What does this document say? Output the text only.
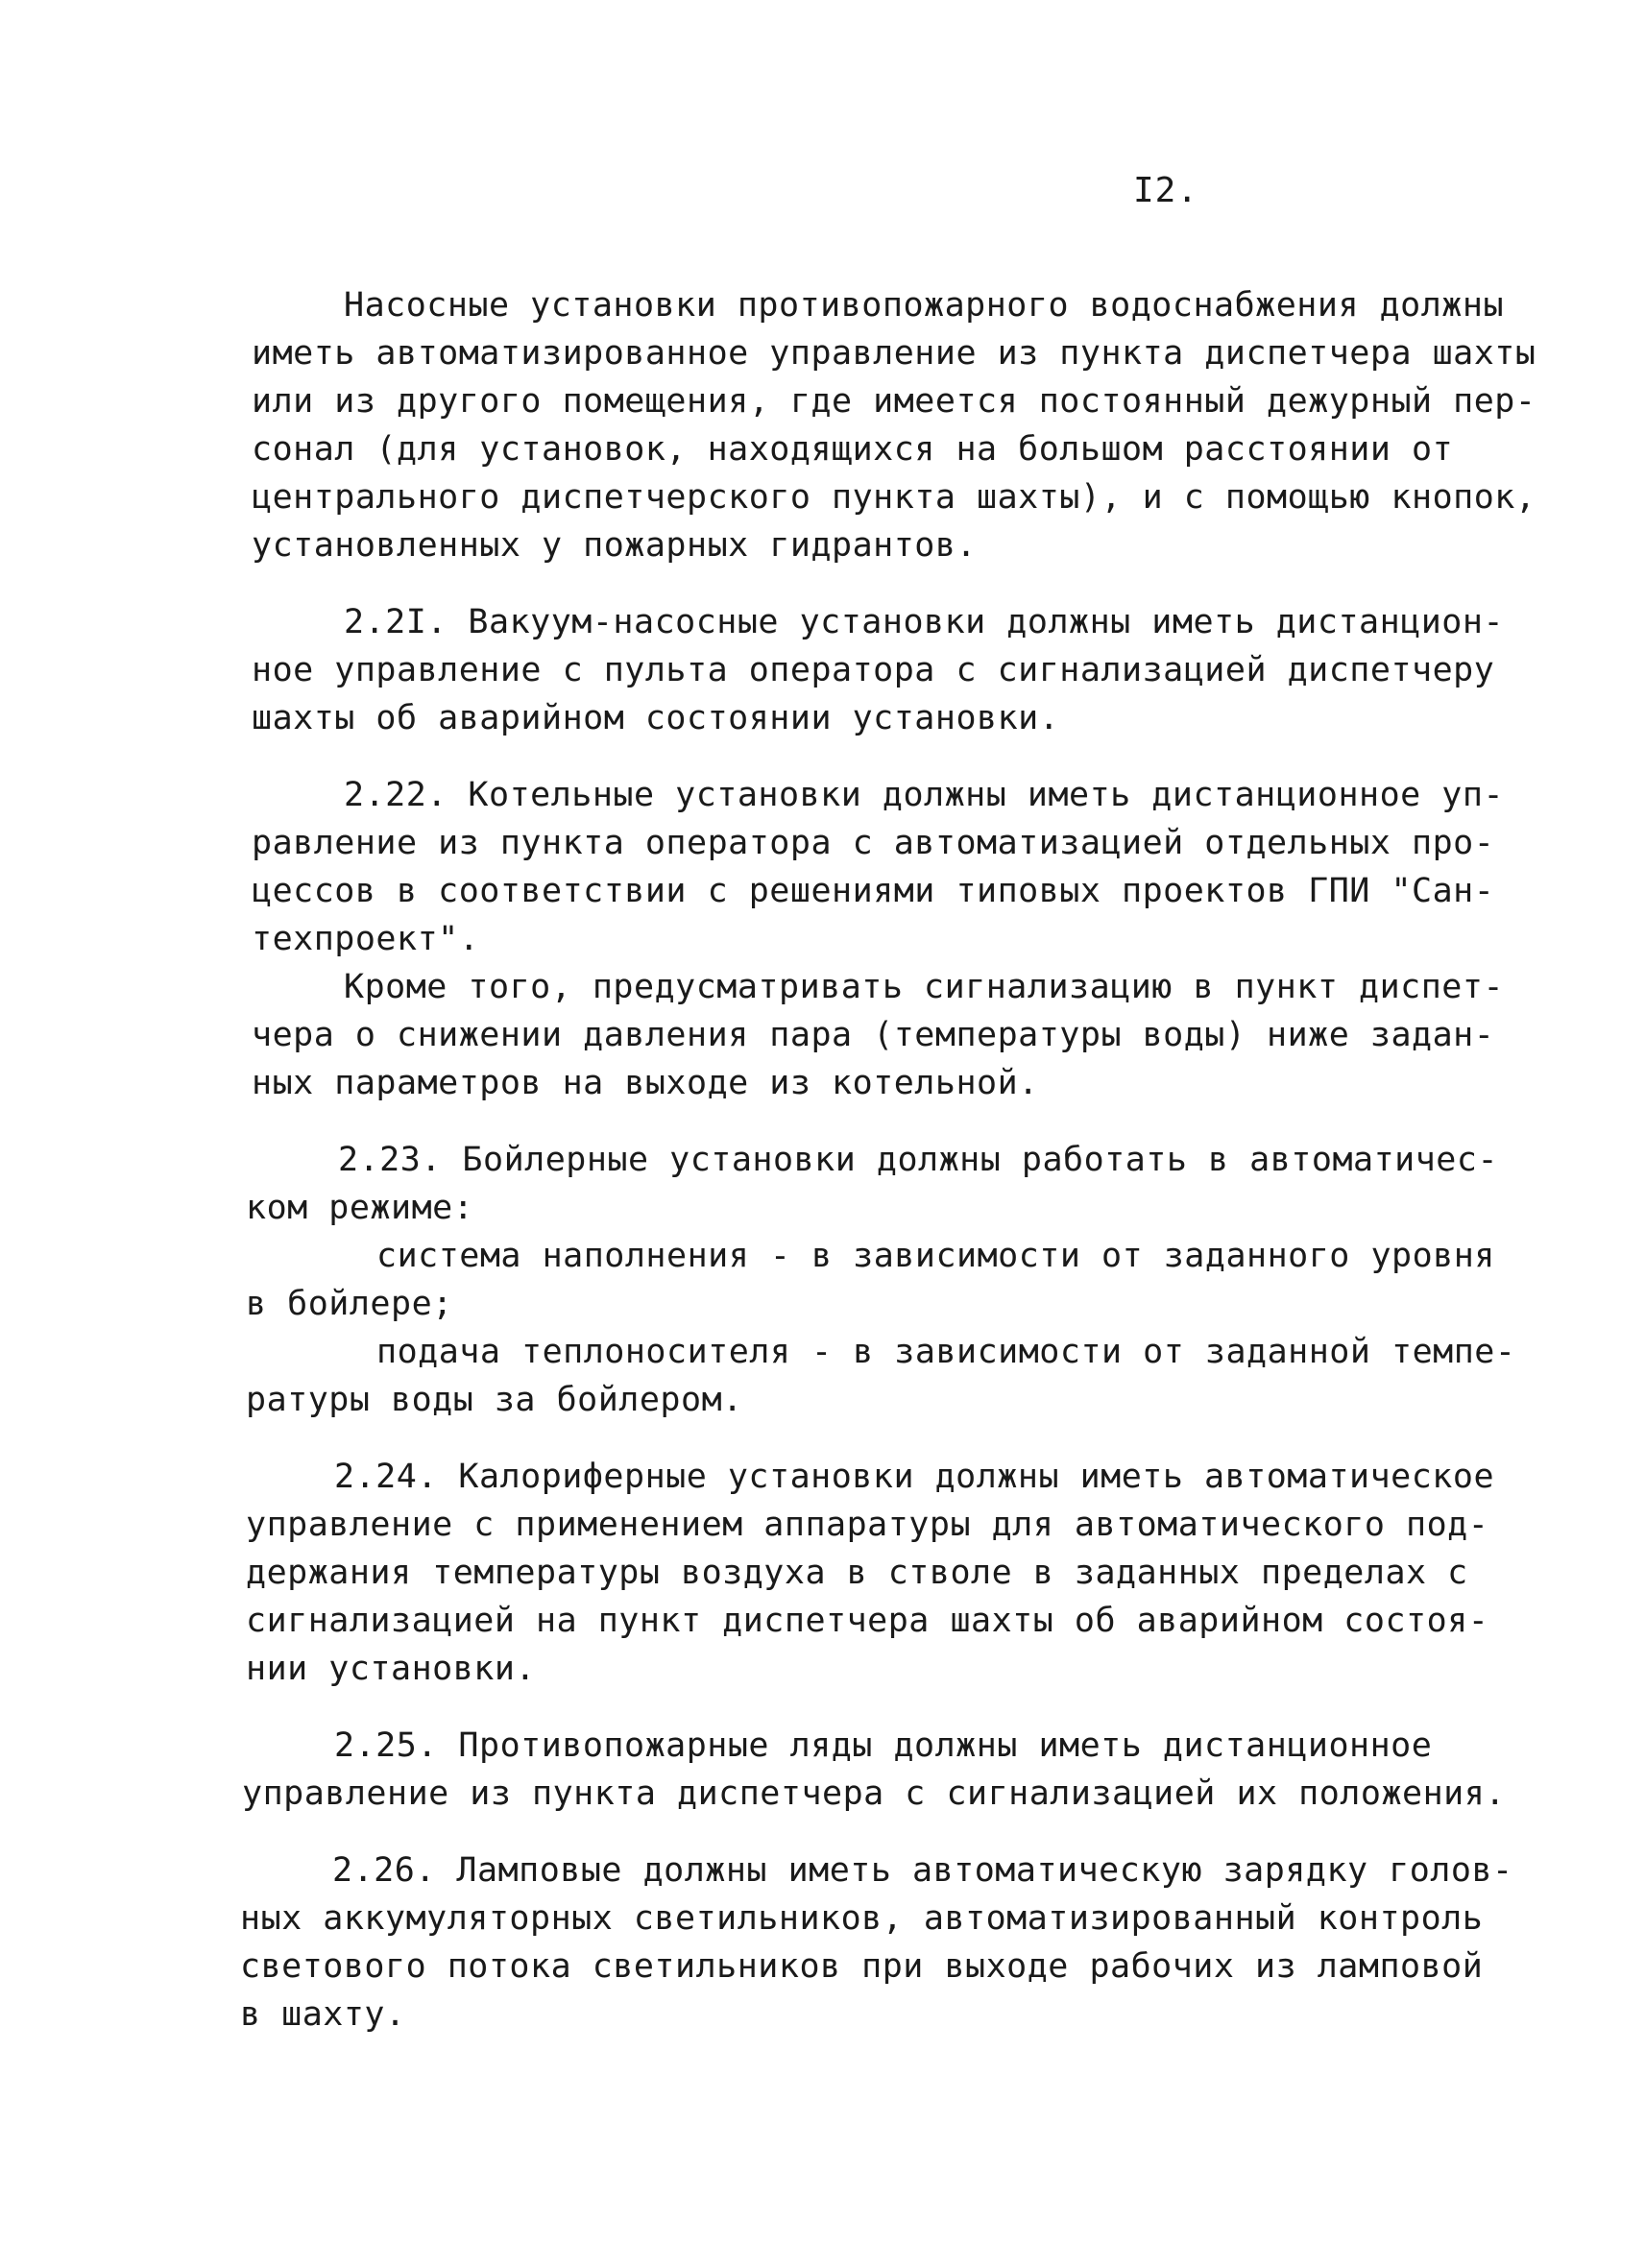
I2.
Насосные установки противопожарного водоснабжения должны
иметь автоматизированное управление из пункта диспетчера шахты
или из другого помещения, где имеется постоянный дежурный пер-
сонал (для установок, находящихся на большом расстоянии от
центрального диспетчерского пункта шахты), и с помощью кнопок,
установленных у пожарных гидрантов.
2.2I. Вакуум-насосные установки должны иметь дистанцион-
ное управление с пульта оператора с сигнализацией диспетчеру
шахты об аварийном состоянии установки.
2.22. Котельные установки должны иметь дистанционное уп-
равление из пункта оператора с автоматизацией отдельных про-
цессов в соответствии с решениями типовых проектов ГПИ "Сан-
техпроект".
Кроме того, предусматривать сигнализацию в пункт диспет-
чера о снижении давления пара (температуры воды) ниже задан-
ных параметров на выходе из котельной.
2.23. Бойлерные установки должны работать в автоматичес-
ком режиме:
система наполнения - в зависимости от заданного уровня
в бойлере;
подача теплоносителя - в зависимости от заданной темпе-
ратуры воды за бойлером.
2.24. Калориферные установки должны иметь автоматическое
управление с применением аппаратуры для автоматического под-
держания температуры воздуха в стволе в заданных пределах с
сигнализацией на пункт диспетчера шахты об аварийном состоя-
нии установки.
2.25. Противопожарные ляды должны иметь дистанционное
управление из пункта диспетчера с сигнализацией их положения.
2.26. Ламповые должны иметь автоматическую зарядку голов-
ных аккумуляторных светильников, автоматизированный контроль
светового потока светильников при выходе рабочих из ламповой
в шахту.
